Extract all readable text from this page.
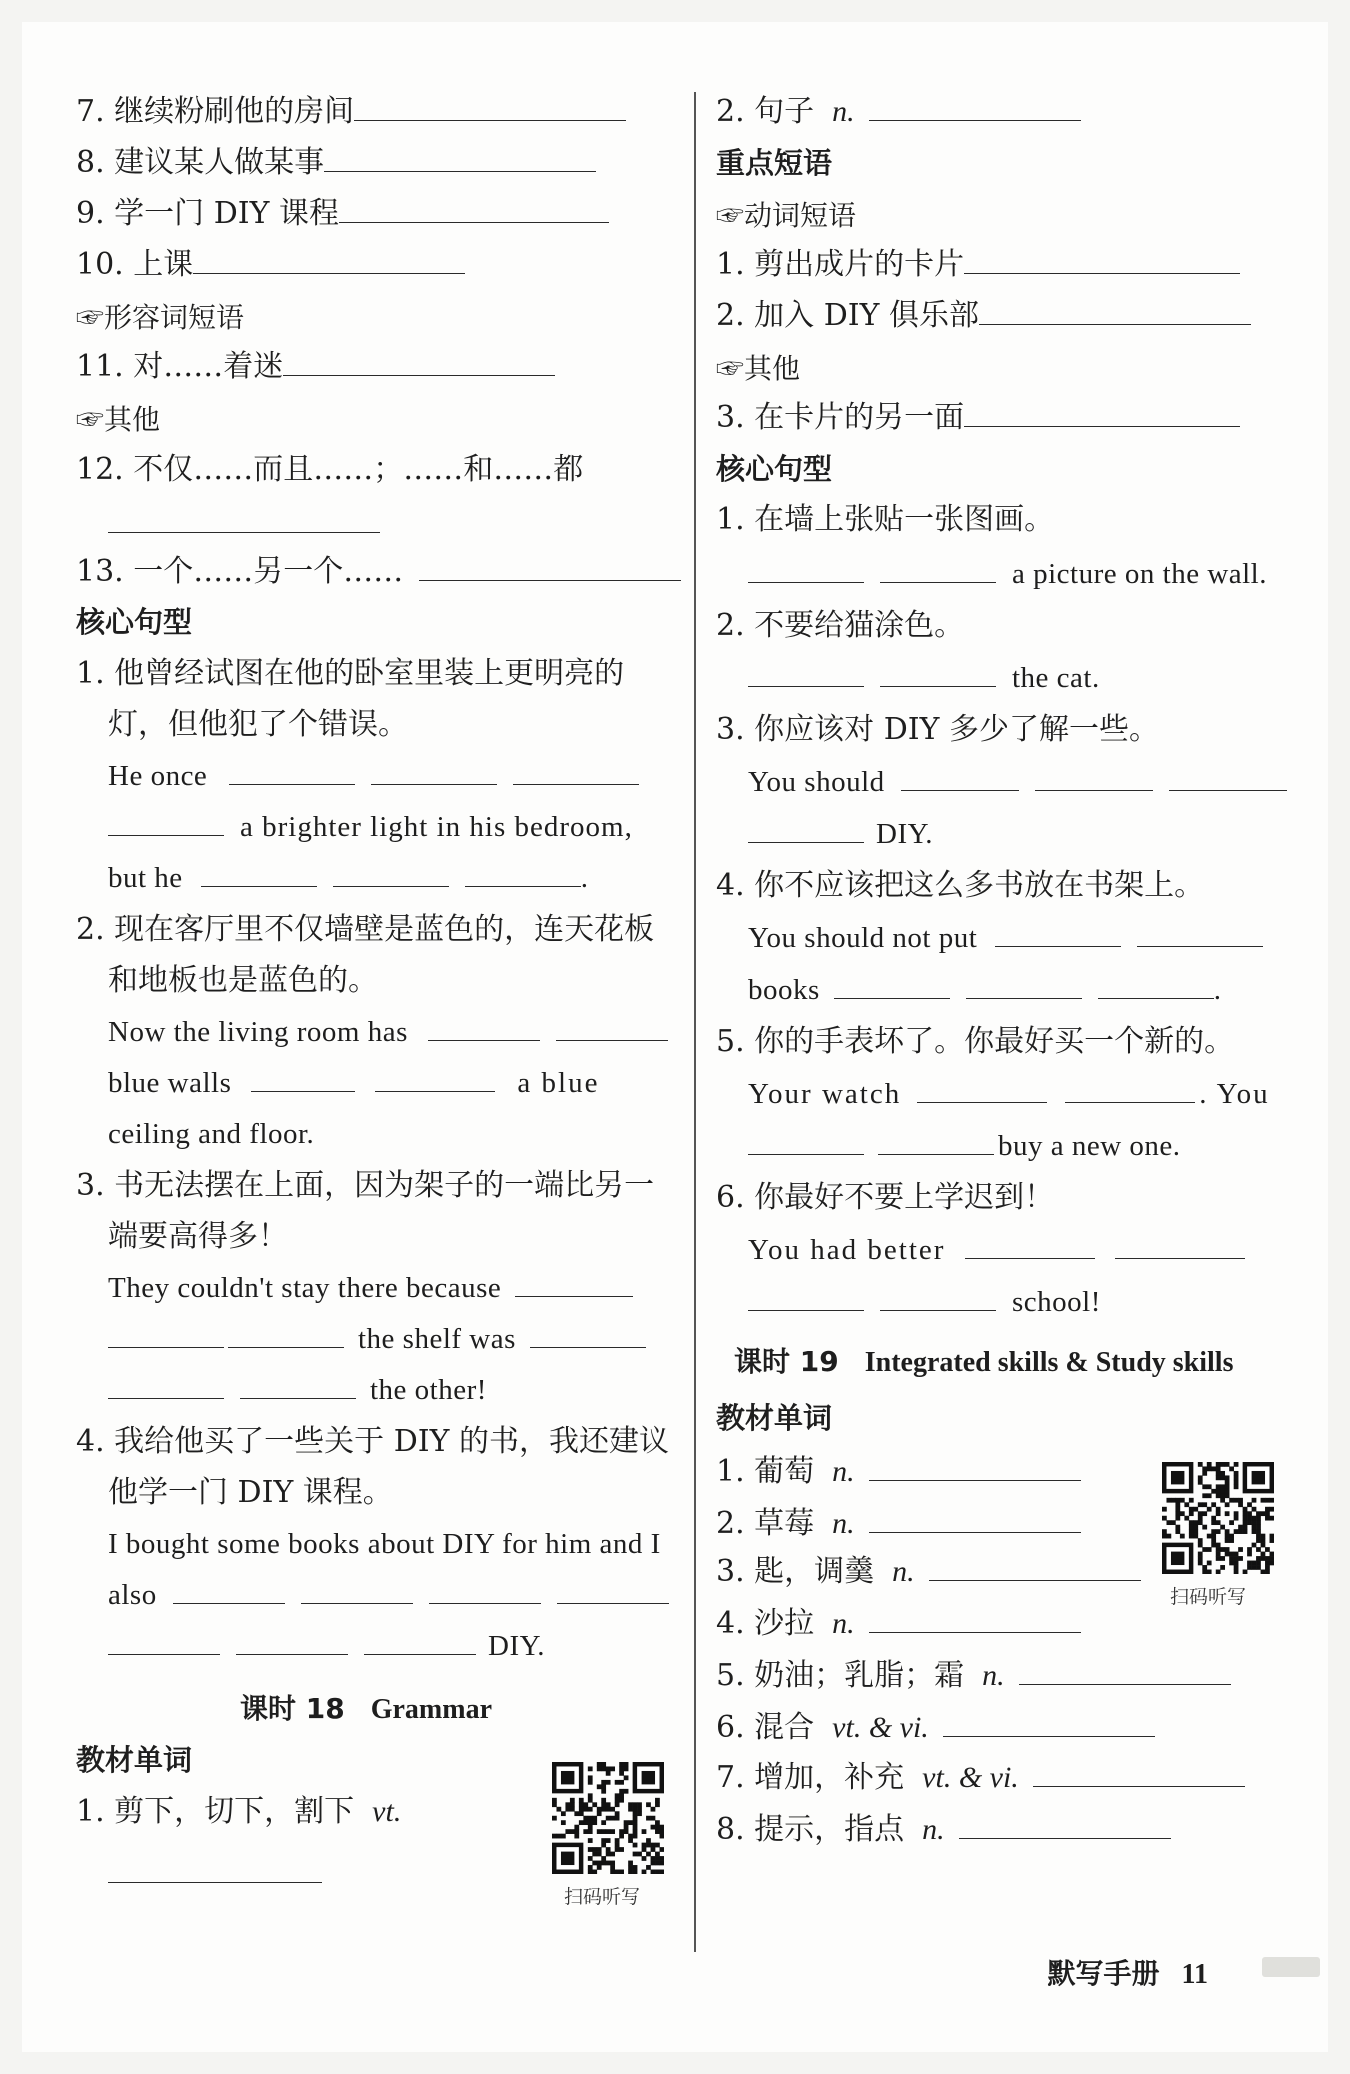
7. 继续粉刷他的房间
8. 建议某人做某事
9. 学一门 DIY 课程
10. 上课
☞形容词短语
11. 对……着迷
☞其他
12. 不仅……而且……；……和……都
13. 一个……另一个……
核心句型
1. 他曾经试图在他的卧室里装上更明亮的
灯，但他犯了个错误。
He once
a brighter light in his bedroom,
but he	.
2. 现在客厅里不仅墙壁是蓝色的，连天花板
和地板也是蓝色的。
Now the living room has
blue walls	a blue
ceiling and floor.
3. 书无法摆在上面，因为架子的一端比另一
端要高得多！
They couldn't stay there because
the shelf was
the other!
4. 我给他买了一些关于 DIY 的书，我还建议
他学一门 DIY 课程。
I bought some books about DIY for him and I
also
DIY.
课时 18 Grammar
教材单词
1. 剪下，切下，割下 vt.
扫码听写
2. 句子 n.
重点短语
☞动词短语
1. 剪出成片的卡片
2. 加入 DIY 俱乐部
☞其他
3. 在卡片的另一面
核心句型
1. 在墙上张贴一张图画。
a picture on the wall.
2. 不要给猫涂色。
the cat.
3. 你应该对 DIY 多少了解一些。
You should
DIY.
4. 你不应该把这么多书放在书架上。
You should not put
books	.
5. 你的手表坏了。你最好买一个新的。
Your watch	. You
buy a new one.
6. 你最好不要上学迟到！
You had better
school!
课时 19 Integrated skills & Study skills
教材单词
1. 葡萄 n.
2. 草莓 n.
3. 匙，调羹 n.
4. 沙拉 n.
5. 奶油；乳脂；霜 n.
6. 混合 vt. & vi.
7. 增加，补充 vt. & vi.
8. 提示，指点 n.
扫码听写
默写手册 11
